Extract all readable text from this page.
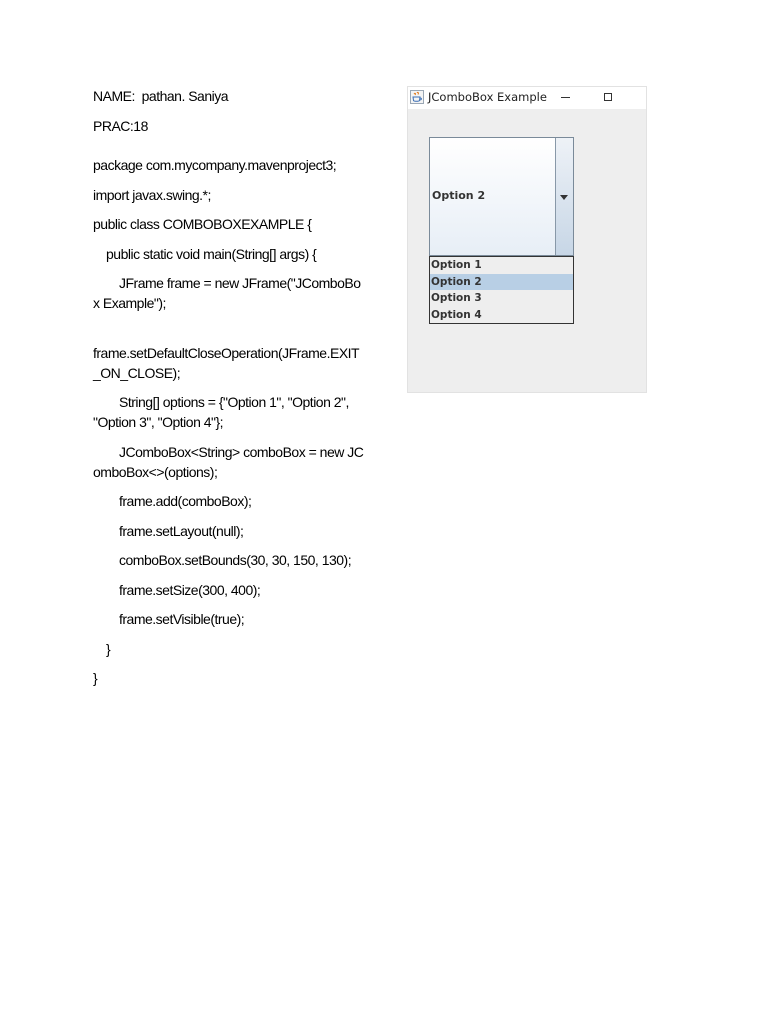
NAME:  pathan. Saniya
PRAC:18
package com.mycompany.mavenproject3;
import javax.swing.*;
public class COMBOBOXEXAMPLE {
public static void main(String[] args) {
JFrame frame = new JFrame("JComboBox Example");
frame.setDefaultCloseOperation(JFrame.EXIT_ON_CLOSE);
String[] options = {"Option 1", "Option 2", "Option 3", "Option 4"};
JComboBox<String> comboBox = new JComboBox<>(options);
frame.add(comboBox);
frame.setLayout(null);
comboBox.setBounds(30, 30, 150, 130);
frame.setSize(300, 400);
frame.setVisible(true);
}
}
JComboBox Example
Option 2
Option 1
Option 2
Option 3
Option 4
